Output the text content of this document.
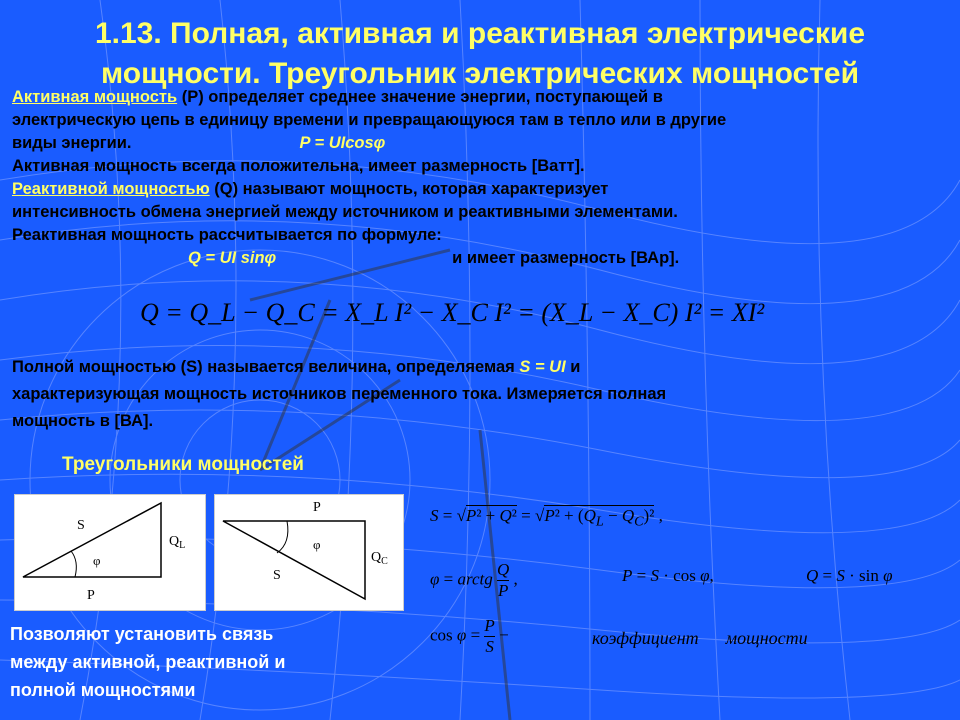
1.13. Полная, активная и реактивная электрические
мощности. Треугольник электрических мощностей
Активная мощность (Р) определяет среднее значение энергии, поступающей в
электрическую цепь в единицу времени и превращающуюся там в тепло или в другие
виды энергии.	P = UIcosφ
Активная мощность всегда положительна, имеет размерность [Ватт].
Реактивной мощностью (Q) называют мощность, которая характеризует
интенсивность обмена энергией между источником и реактивными элементами.
Реактивная мощность рассчитывается по формуле:
Q = UI sinφ	и имеет размерность [ВАр].
Q = Q_L − Q_C = X_L I² − X_C I² = (X_L − X_C) I² = XI²
Полной мощностью (S) называется величина, определяемая S = UI и
характеризующая мощность источников переменного тока. Измеряется полная
мощность в [ВА].
Треугольники мощностей
S
φ
P
$Q_L$
P
φ
S
$Q_C$
$S = √P^2 + Q^2 = √P^2 + (Q_L - Q_C)^2$ ,
φ = arctg $\frac{Q}{P}$ ,	P = S · cos φ,	Q = S · sin φ
$\cos \varphi = \frac{P}{S}$ −	коэффициент      мощности
Позволяют установить связь
между активной, реактивной и
полной мощностями
